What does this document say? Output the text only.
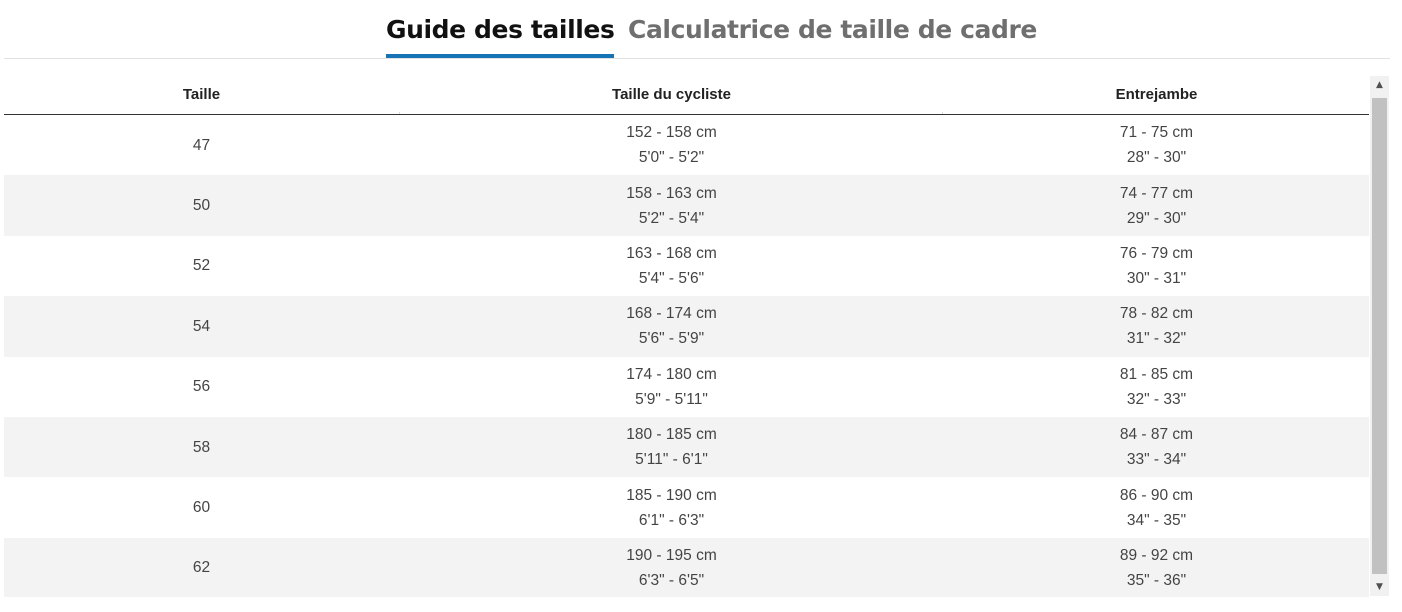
Guide des tailles Calculatrice de taille de cadre
Taille	Taille du cycliste	Entrejambe
47
152 - 158 cm
5'0" - 5'2"
71 - 75 cm
28" - 30"
50
158 - 163 cm
5'2" - 5'4"
74 - 77 cm
29" - 30"
52
163 - 168 cm
5'4" - 5'6"
76 - 79 cm
30" - 31"
54
168 - 174 cm
5'6" - 5'9"
78 - 82 cm
31" - 32"
56
174 - 180 cm
5'9" - 5'11"
81 - 85 cm
32" - 33"
58
180 - 185 cm
5'11" - 6'1"
84 - 87 cm
33" - 34"
60
185 - 190 cm
6'1" - 6'3"
86 - 90 cm
34" - 35"
62
190 - 195 cm
6'3" - 6'5"
89 - 92 cm
35" - 36"
▲
▼
